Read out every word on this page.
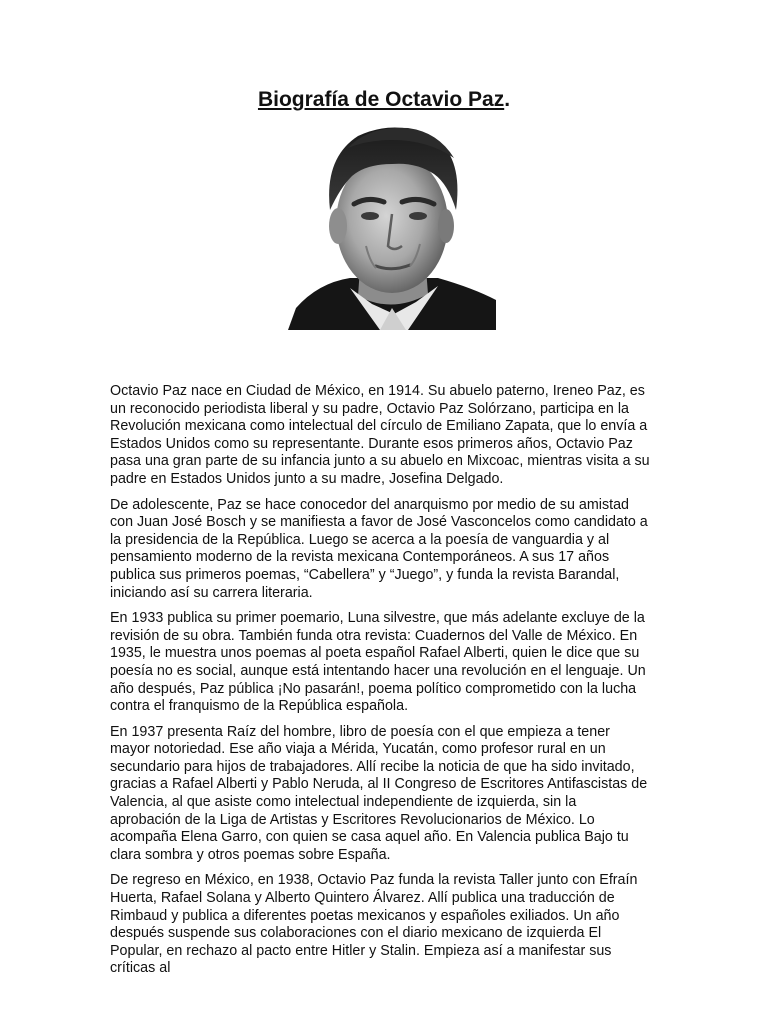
Biografía de Octavio Paz.

Octavio Paz nace en Ciudad de México, en 1914. Su abuelo paterno, Ireneo Paz, es un reconocido periodista liberal y su padre, Octavio Paz Solórzano, participa en la Revolución mexicana como intelectual del círculo de Emiliano Zapata, que lo envía a Estados Unidos como su representante. Durante esos primeros años, Octavio Paz pasa una gran parte de su infancia junto a su abuelo en Mixcoac, mientras visita a su padre en Estados Unidos junto a su madre, Josefina Delgado.

De adolescente, Paz se hace conocedor del anarquismo por medio de su amistad con Juan José Bosch y se manifiesta a favor de José Vasconcelos como candidato a la presidencia de la República. Luego se acerca a la poesía de vanguardia y al pensamiento moderno de la revista mexicana Contemporáneos. A sus 17 años publica sus primeros poemas, “Cabellera” y “Juego”, y funda la revista Barandal, iniciando así su carrera literaria.

En 1933 publica su primer poemario, Luna silvestre, que más adelante excluye de la revisión de su obra. También funda otra revista: Cuadernos del Valle de México. En 1935, le muestra unos poemas al poeta español Rafael Alberti, quien le dice que su poesía no es social, aunque está intentando hacer una revolución en el lenguaje. Un año después, Paz pública ¡No pasarán!, poema político comprometido con la lucha contra el franquismo de la República española.

En 1937 presenta Raíz del hombre, libro de poesía con el que empieza a tener mayor notoriedad. Ese año viaja a Mérida, Yucatán, como profesor rural en un secundario para hijos de trabajadores. Allí recibe la noticia de que ha sido invitado, gracias a Rafael Alberti y Pablo Neruda, al II Congreso de Escritores Antifascistas de Valencia, al que asiste como intelectual independiente de izquierda, sin la aprobación de la Liga de Artistas y Escritores Revolucionarios de México. Lo acompaña Elena Garro, con quien se casa aquel año. En Valencia publica Bajo tu clara sombra y otros poemas sobre España.

De regreso en México, en 1938, Octavio Paz funda la revista Taller junto con Efraín Huerta, Rafael Solana y Alberto Quintero Álvarez. Allí publica una traducción de Rimbaud y publica a diferentes poetas mexicanos y españoles exiliados. Un año después suspende sus colaboraciones con el diario mexicano de izquierda El Popular, en rechazo al pacto entre Hitler y Stalin. Empieza así a manifestar sus críticas al
